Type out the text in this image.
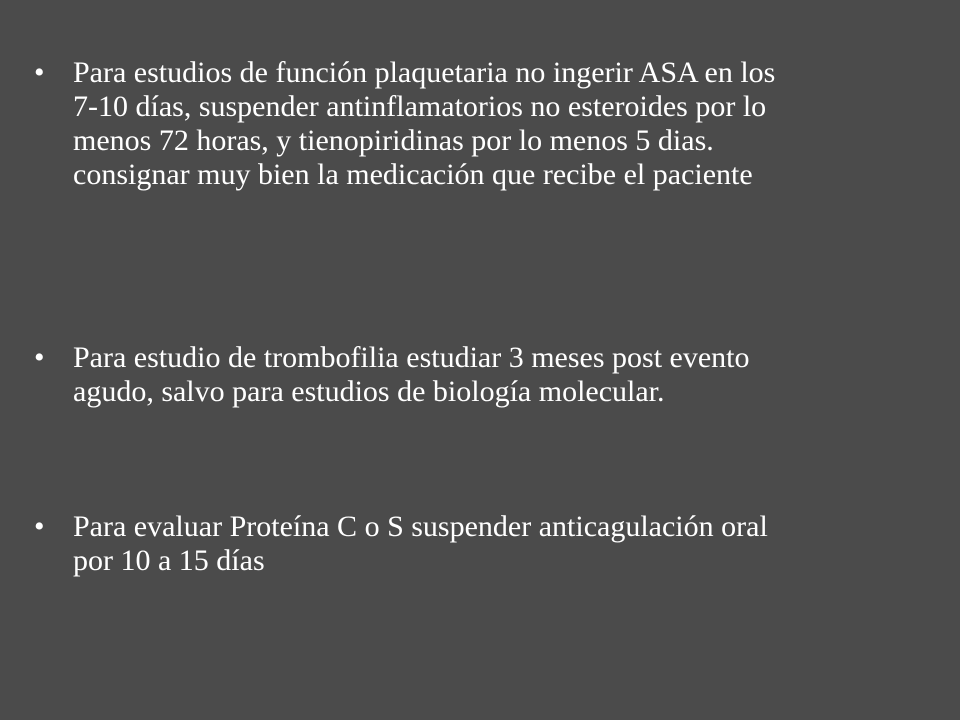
• Para estudios de función plaquetaria no ingerir ASA en los
7-10 días, suspender antinflamatorios no esteroides por lo
menos 72 horas, y tienopiridinas por lo menos 5 dias.
consignar muy bien la medicación que recibe el paciente
• Para estudio de trombofilia estudiar 3 meses post evento
agudo, salvo para estudios de biología molecular.
• Para evaluar Proteína C o S suspender anticagulación oral
por 10 a 15 días
